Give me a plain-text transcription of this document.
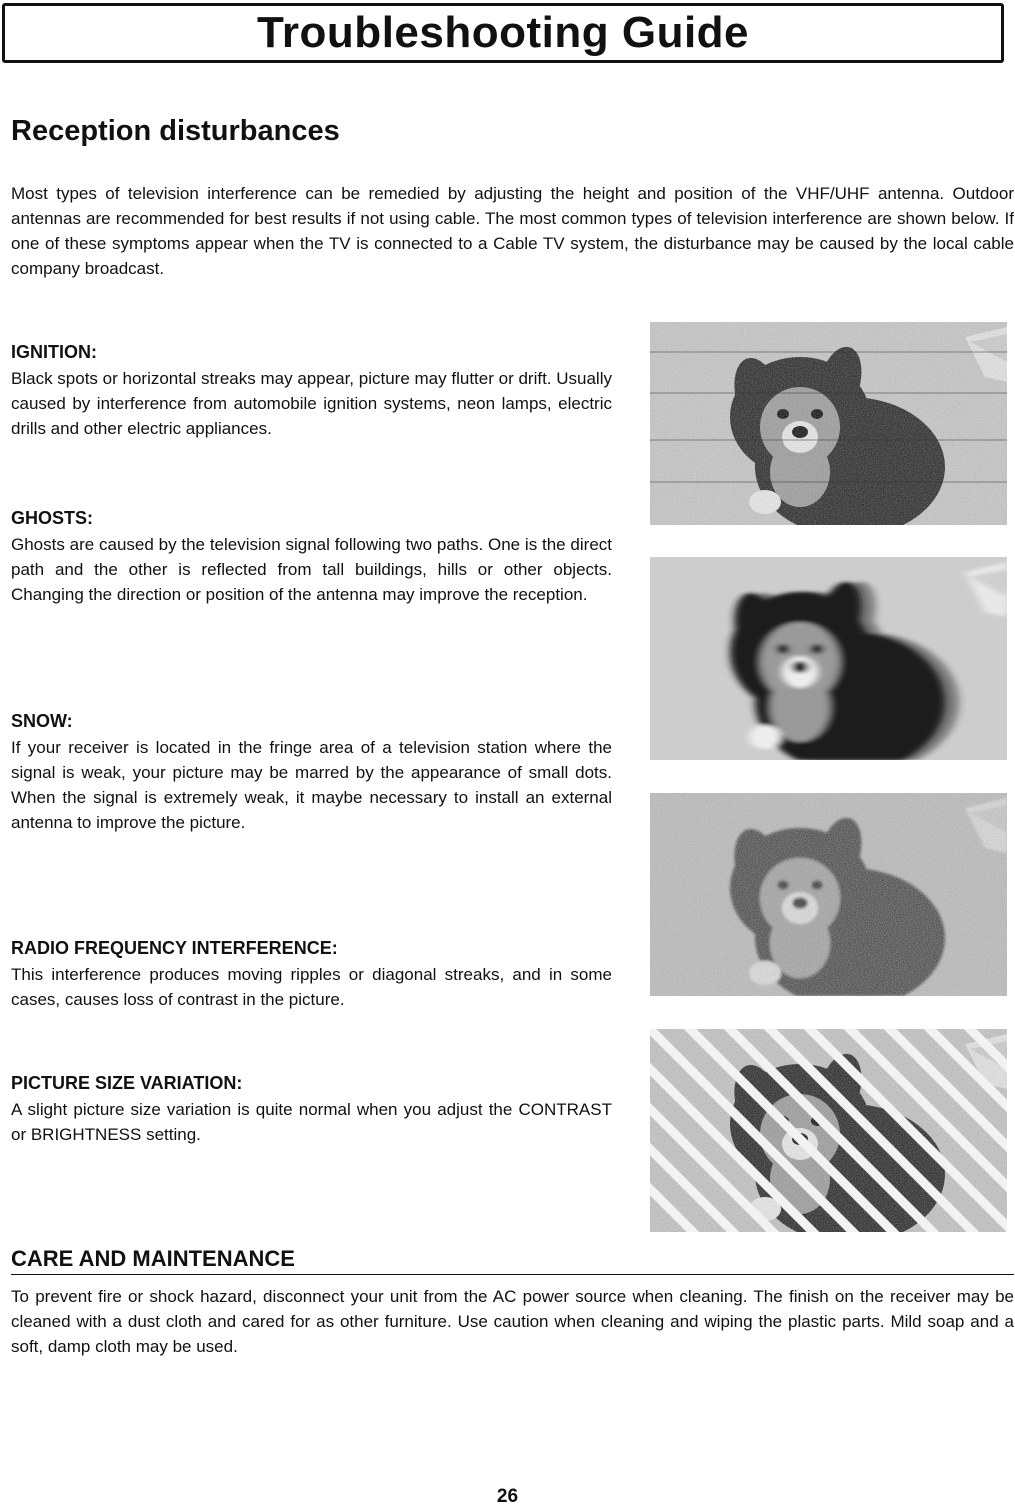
Troubleshooting Guide
Reception disturbances

Most types of television interference can be remedied by adjusting the height and position of the VHF/UHF antenna. Outdoor antennas are recommended for best results if not using cable. The most common types of television interference are shown below. If one of these symptoms appear when the TV is connected to a Cable TV system, the disturbance may be caused by the local cable company broadcast.

IGNITION:

Black spots or horizontal streaks may appear, picture may flutter or drift. Usually caused by interference from automobile ignition systems, neon lamps, electric drills and other electric appliances.

GHOSTS:

Ghosts are caused by the television signal following two paths. One is the direct path and the other is reflected from tall buildings, hills or other objects. Changing the direction or position of the antenna may improve the reception.

SNOW:

If your receiver is located in the fringe area of a television station where the signal is weak, your picture may be marred by the appearance of small dots. When the signal is extremely weak, it maybe necessary to install an external antenna to improve the picture.

RADIO FREQUENCY INTERFERENCE:

This interference produces moving ripples or diagonal streaks, and in some cases, causes loss of contrast in the picture.

PICTURE SIZE VARIATION:

A slight picture size variation is quite normal when you adjust the CONTRAST or BRIGHTNESS setting.

CARE AND MAINTENANCE

To prevent fire or shock hazard, disconnect your unit from the AC power source when cleaning. The finish on the receiver may be cleaned with a dust cloth and cared for as other furniture. Use caution when cleaning and wiping the plastic parts. Mild soap and a soft, damp cloth may be used.

26
